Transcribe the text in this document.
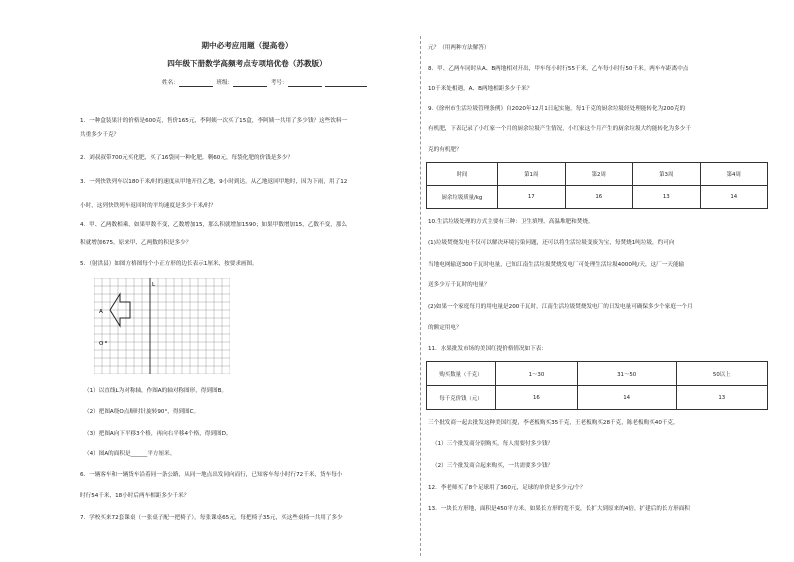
期中必考应用题（提高卷）
四年级下册数学高频考点专项培优卷（苏教版）
姓名：	班级：	考号：
1．一种盒装果汁的价格是600克，售价165元，李阿姨一次买了15盒，李阿姨一共用了多少钱？这些饮料一
共重多少千克？
2．刘叔叔带700元买化肥，买了16袋同一种化肥，剩60元，每袋化肥的价钱是多少？
3．一列快铁列车以180千米/时的速度从甲地开往乙地，9小时到达。从乙地返回甲地时，因为下雨，用了12
小时，这列快铁列车返回时的平均速度是多少千米/时？
4．甲、乙两数相乘，如果甲数不变，乙数增加15，那么积就增加1590；如果甲数增加15，乙数不变，那么
积就增加675。原来甲、乙两数的积是多少？
5．（射洪县）如图方格图每个小正方形的边长表示1厘米，按要求画图。
L
A
O
（1）以直线L为对称轴，作图A的轴对称图形，得到图B。
（2）把图A绕O点顺时针旋转90°，得到图C。
（3）把图A向下平移3个格，再向右平移4个格，得到图D。
（4）图A的面积是______平方厘米。
6．一辆客车和一辆货车沿着同一条公路，从同一地点出发同向而行，已知客车每小时行72千米，货车每小
时行54千米，18小时后两车相距多少千米？
7．学校买来72套课桌（一张桌子配一把椅子），每张课桌65元，每把椅子35元，买这些桌椅一共用了多少
元？（用两种方法解答）
8．甲、乙两车同时从A、B两地相对开出，甲车每小时行55千米，乙车每小时行50千米。两车车距离中点
10千米处相遇，A、B两地相距多少千米？
9.《徐州市生活垃圾管理条例》自2020年12月1日起实施，每1千克的厨余垃圾经处理能转化为200克的
有机肥，下表记录了小红家一个月的厨余垃圾产生情况，小红家这个月产生的厨余垃圾大约能转化为多少千
克的有机肥？
时间	第1周	第2周	第3周	第4周
厨余垃圾质量/kg	17	16	13	14
10.生活垃圾处理的方式主要有三种：卫生填埋、高温堆肥和焚烧。
(1)垃圾焚烧发电不仅可以解决环境污染问题，还可以将生活垃圾变废为宝，每焚烧1吨垃圾，约可向
当地电网输送300千瓦时电量，已知江南生活垃圾焚烧发电厂可处理生活垃圾4000吨/天，这厂一天能输
送多少万千瓦时的电量？
(2)如果一个家庭每月的用电量是200千瓦时，江南生活垃圾焚烧发电厂的日发电量可确保多少个家庭一个月
的额定用电？
11．水果批发市场的美国红提价格情况如下表：
购买数量（千克）	1～30	31～50	50以上
每千克价钱（元）	16	14	13
三个批发商一起去批发这种美国红提，李老板购买35千克，王老板购买28千克，陈老板购买40千克。
（1）三个批发商分别购买，每人需要付多少钱？
（2）三个批发商合起来购买，一共需要多少钱？
12．李老师买了8个足球用了360元，足球的单价是多少元/个？
13．一块长方形地，面积是450平方米，如果长方形的宽不变，长扩大到原来的4倍，扩建后的长方形面积
